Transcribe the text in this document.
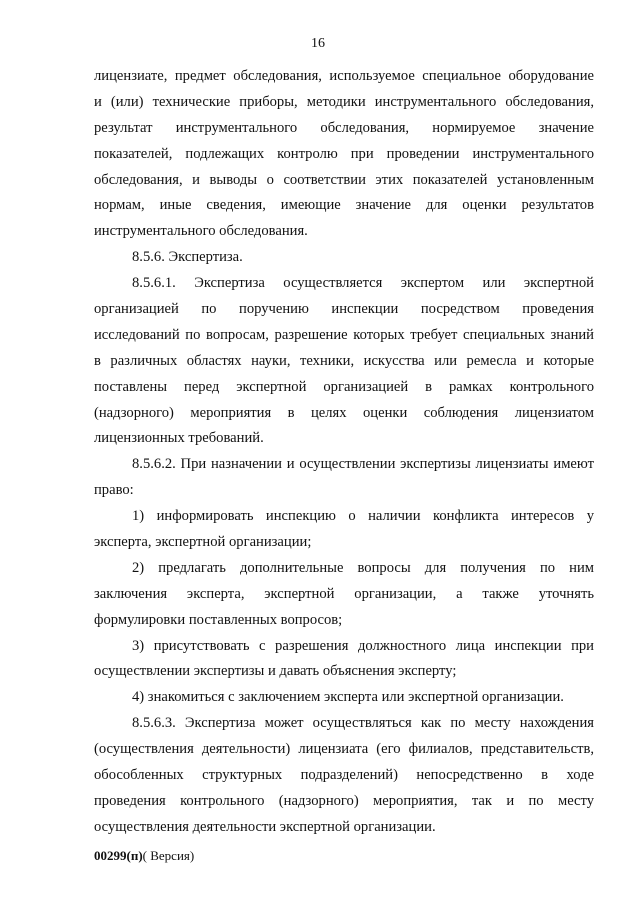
16
лицензиате, предмет обследования, используемое специальное оборудование
и (или) технические приборы, методики инструментального обследования,
результат инструментального обследования, нормируемое значение
показателей, подлежащих контролю при проведении инструментального
обследования, и выводы о соответствии этих показателей установленным
нормам, иные сведения, имеющие значение для оценки результатов
инструментального обследования.
8.5.6. Экспертиза.
8.5.6.1. Экспертиза осуществляется экспертом или экспертной
организацией по поручению инспекции посредством проведения
исследований по вопросам, разрешение которых требует специальных знаний
в различных областях науки, техники, искусства или ремесла и которые
поставлены перед экспертной организацией в рамках контрольного
(надзорного) мероприятия в целях оценки соблюдения лицензиатом
лицензионных требований.
8.5.6.2. При назначении и осуществлении экспертизы лицензиаты имеют
право:
1) информировать инспекцию о наличии конфликта интересов у
эксперта, экспертной организации;
2) предлагать дополнительные вопросы для получения по ним
заключения эксперта, экспертной организации, а также уточнять
формулировки поставленных вопросов;
3) присутствовать с разрешения должностного лица инспекции при
осуществлении экспертизы и давать объяснения эксперту;
4) знакомиться с заключением эксперта или экспертной организации.
8.5.6.3. Экспертиза может осуществляться как по месту нахождения
(осуществления деятельности) лицензиата (его филиалов, представительств,
обособленных структурных подразделений) непосредственно в ходе
проведения контрольного (надзорного) мероприятия, так и по месту
осуществления деятельности экспертной организации.
00299(п)( Версия)
